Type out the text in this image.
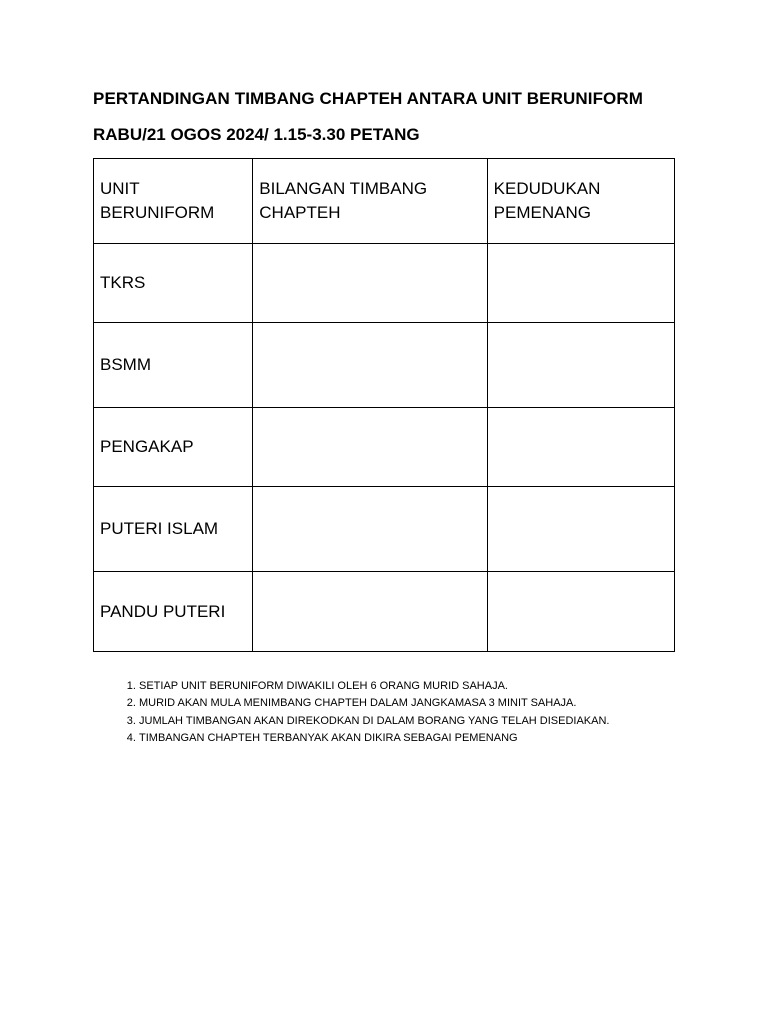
PERTANDINGAN TIMBANG CHAPTEH ANTARA UNIT BERUNIFORM
RABU/21 OGOS 2024/ 1.15-3.30 PETANG
UNIT BERUNIFORM	BILANGAN TIMBANG CHAPTEH	KEDUDUKAN PEMENANG
TKRS		
BSMM		
PENGAKAP		
PUTERI ISLAM		
PANDU PUTERI		
1. SETIAP UNIT BERUNIFORM DIWAKILI OLEH 6 ORANG MURID SAHAJA.
2. MURID AKAN MULA MENIMBANG CHAPTEH DALAM JANGKAMASA 3 MINIT SAHAJA.
3. JUMLAH TIMBANGAN AKAN DIREKODKAN DI DALAM BORANG YANG TELAH DISEDIAKAN.
4. TIMBANGAN CHAPTEH TERBANYAK AKAN DIKIRA SEBAGAI PEMENANG
